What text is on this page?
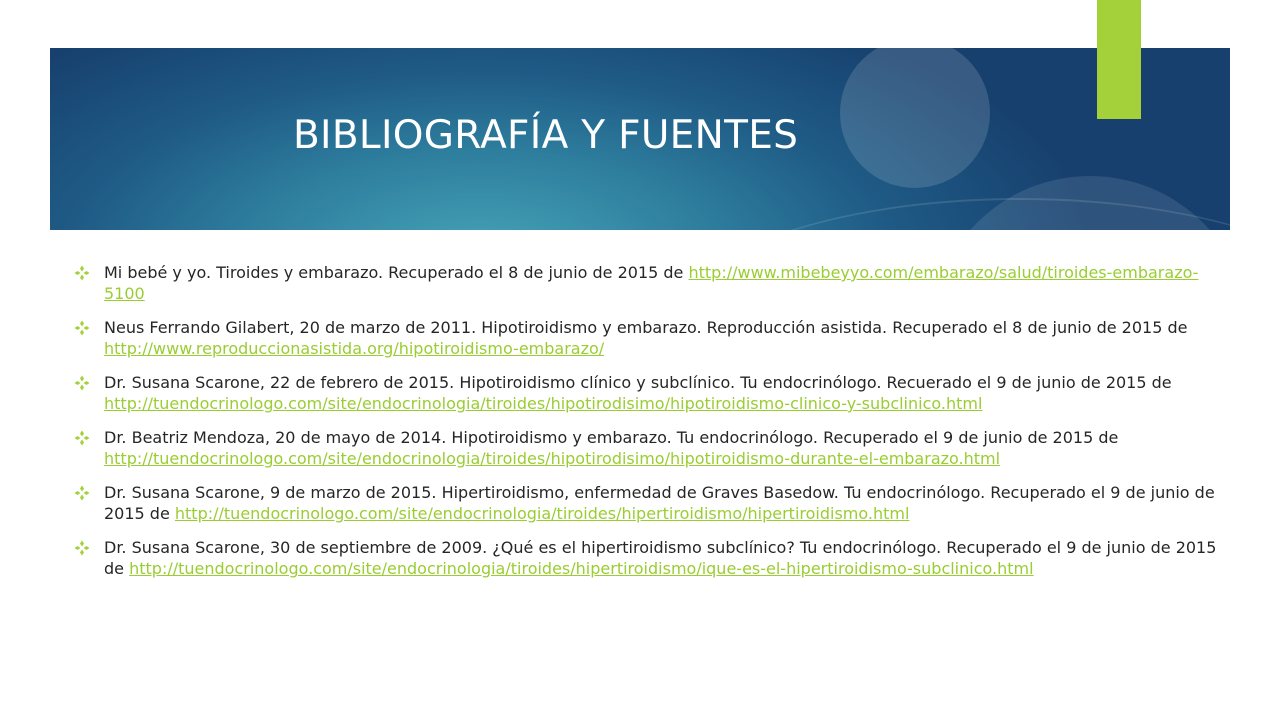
BIBLIOGRAFÍA Y FUENTES
Mi bebé y yo. Tiroides y embarazo. Recuperado el 8 de junio de 2015 de http://www.mibebeyyo.com/embarazo/salud/tiroides-embarazo-5100
Neus Ferrando Gilabert, 20 de marzo de 2011. Hipotiroidismo y embarazo. Reproducción asistida. Recuperado el 8 de junio de 2015 de http://www.reproduccionasistida.org/hipotiroidismo-embarazo/
Dr. Susana Scarone, 22 de febrero de 2015. Hipotiroidismo clínico y subclínico. Tu endocrinólogo. Recuerado el 9 de junio de 2015 de http://tuendocrinologo.com/site/endocrinologia/tiroides/hipotirodisimo/hipotiroidismo-clinico-y-subclinico.html
Dr. Beatriz Mendoza, 20 de mayo de 2014. Hipotiroidismo y embarazo. Tu endocrinólogo. Recuperado el 9 de junio de 2015 de http://tuendocrinologo.com/site/endocrinologia/tiroides/hipotirodisimo/hipotiroidismo-durante-el-embarazo.html
Dr. Susana Scarone, 9 de marzo de 2015. Hipertiroidismo, enfermedad de Graves Basedow. Tu endocrinólogo. Recuperado el 9 de junio de 2015 de http://tuendocrinologo.com/site/endocrinologia/tiroides/hipertiroidismo/hipertiroidismo.html
Dr. Susana Scarone, 30 de septiembre de 2009. ¿Qué es el hipertiroidismo subclínico? Tu endocrinólogo. Recuperado el 9 de junio de 2015 de http://tuendocrinologo.com/site/endocrinologia/tiroides/hipertiroidismo/ique-es-el-hipertiroidismo-subclinico.html
